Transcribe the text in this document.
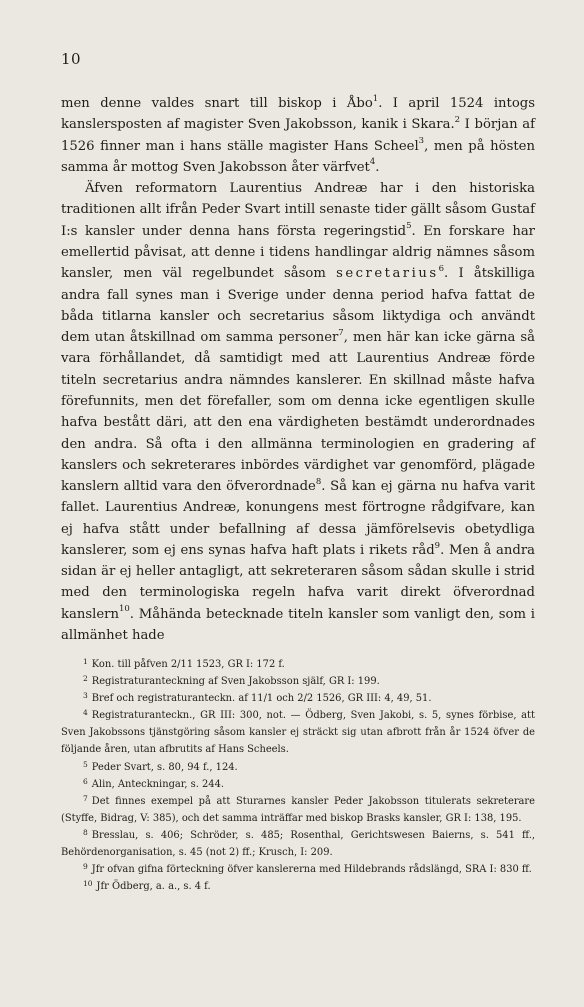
10

men denne valdes snart till biskop i Åbo$^1$. I april 1524 intogs kanslersposten af magister Sven Jakobsson, kanik i Skara.$^2$ I början af 1526 finner man i hans ställe magister Hans Scheel$^3$, men på hösten samma år mottog Sven Jakobsson åter värfvet$^4$.

Äfven reformatorn Laurentius Andreæ har i den historiska traditionen allt ifrån Peder Svart intill senaste tider gällt såsom Gustaf I:s kansler under denna hans första regeringstid$^5$. En forskare har emellertid påvisat, att denne i tidens handlingar aldrig nämnes såsom kansler, men väl regelbundet såsom secretarius$^6$. I åtskilliga andra fall synes man i Sverige under denna period hafva fattat de båda titlarna kansler och secretarius såsom liktydiga och användt dem utan åtskillnad om samma personer$^7$, men här kan icke gärna så vara förhållandet, då samtidigt med att Laurentius Andreæ förde titeln secretarius andra nämndes kanslerer. En skillnad måste hafva förefunnits, men det förefaller, som om denna icke egentligen skulle hafva bestått däri, att den ena värdigheten bestämdt underordnades den andra. Så ofta i den allmänna terminologien en gradering af kanslers och sekreterares inbördes värdighet var genomförd, plägade kanslern alltid vara den öfverordnade$^8$. Så kan ej gärna nu hafva varit fallet. Laurentius Andreæ, konungens mest förtrogne rådgifvare, kan ej hafva stått under befallning af dessa jämförelsevis obetydliga kanslerer, som ej ens synas hafva haft plats i rikets råd$^9$. Men å andra sidan är ej heller antagligt, att sekreteraren såsom sådan skulle i strid med den terminologiska regeln hafva varit direkt öfverordnad kanslern$^{10}$. Måhända betecknade titeln kansler som vanligt den, som i allmänhet hade

$^1$ Kon. till påfven 2/11 1523, GR I: 172 f.

$^2$ Registraturanteckning af Sven Jakobsson själf, GR I: 199.

$^3$ Bref och registraturanteckn. af 11/1 och 2/2 1526, GR III: 4, 49, 51.

$^4$ Registraturanteckn., GR III: 300, not. — Ödberg, Sven Jakobi, s. 5, synes förbise, att Sven Jakobssons tjänstgöring såsom kansler ej sträckt sig utan afbrott från år 1524 öfver de följande åren, utan afbrutits af Hans Scheels.

$^5$ Peder Svart, s. 80, 94 f., 124.

$^6$ Alin, Anteckningar, s. 244.

$^7$ Det finnes exempel på att Sturarnes kansler Peder Jakobsson titulerats sekreterare (Styffe, Bidrag, V: 385), och det samma inträffar med biskop Brasks kansler, GR I: 138, 195.

$^8$ Bresslau, s. 406; Schröder, s. 485; Rosenthal, Gerichtswesen Baierns, s. 541 ff., Behördenorganisation, s. 45 (not 2) ff.; Krusch, I: 209.

$^9$ Jfr ofvan gifna förteckning öfver kanslererna med Hildebrands rådslängd, SRA I: 830 ff.

$^{10}$ Jfr Ödberg, a. a., s. 4 f.
